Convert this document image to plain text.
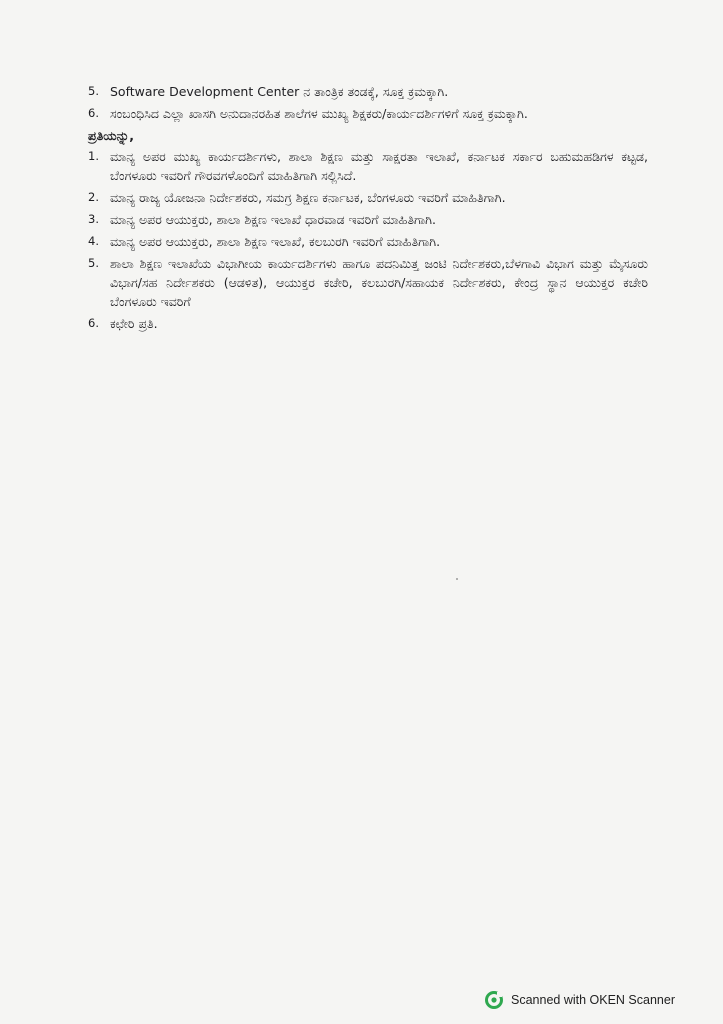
5. Software Development Center ನ ತಾಂತ್ರಿಕ ತಂಡಕ್ಕೆ, ಸೂಕ್ತ ಕ್ರಮಕ್ಕಾಗಿ.
6. ಸಂಬಂಧಿಸಿದ ಎಲ್ಲಾ ಖಾಸಗಿ ಅನುದಾನರಹಿತ ಶಾಲೆಗಳ ಮುಖ್ಯ ಶಿಕ್ಷಕರು/ಕಾರ್ಯದರ್ಶಿಗಳಿಗೆ ಸೂಕ್ತ ಕ್ರಮಕ್ಕಾಗಿ.
ಪ್ರತಿಯನ್ನು,
1. ಮಾನ್ಯ ಅಪರ ಮುಖ್ಯ ಕಾರ್ಯದರ್ಶಿಗಳು, ಶಾಲಾ ಶಿಕ್ಷಣ ಮತ್ತು ಸಾಕ್ಷರತಾ ಇಲಾಖೆ, ಕರ್ನಾಟಕ ಸರ್ಕಾರ ಬಹುಮಹಡಿಗಳ ಕಟ್ಟಡ, ಬೆಂಗಳೂರು ಇವರಿಗೆ ಗೌರವಗಳೊಂದಿಗೆ ಮಾಹಿತಿಗಾಗಿ ಸಲ್ಲಿಸಿದೆ.
2. ಮಾನ್ಯ ರಾಜ್ಯ ಯೋಜನಾ ನಿರ್ದೇಶಕರು, ಸಮಗ್ರ ಶಿಕ್ಷಣ ಕರ್ನಾಟಕ, ಬೆಂಗಳೂರು ಇವರಿಗೆ ಮಾಹಿತಿಗಾಗಿ.
3. ಮಾನ್ಯ ಅಪರ ಆಯುಕ್ತರು, ಶಾಲಾ ಶಿಕ್ಷಣ ಇಲಾಖೆ ಧಾರವಾಡ ಇವರಿಗೆ ಮಾಹಿತಿಗಾಗಿ.
4. ಮಾನ್ಯ ಅಪರ ಆಯುಕ್ತರು, ಶಾಲಾ ಶಿಕ್ಷಣ ಇಲಾಖೆ, ಕಲಬುರಗಿ ಇವರಿಗೆ ಮಾಹಿತಿಗಾಗಿ.
5. ಶಾಲಾ ಶಿಕ್ಷಣ ಇಲಾಖೆಯ ವಿಭಾಗೀಯ ಕಾರ್ಯದರ್ಶಿಗಳು ಹಾಗೂ ಪದನಿಮಿತ್ತ ಜಂಟಿ ನಿರ್ದೇಶಕರು,ಬೆಳಗಾವಿ ವಿಭಾಗ ಮತ್ತು ಮೈಸೂರು ವಿಭಾಗ/ಸಹ ನಿರ್ದೇಶಕರು (ಆಡಳಿತ), ಆಯುಕ್ತರ ಕಚೇರಿ, ಕಲಬುರಗಿ/ಸಹಾಯಕ ನಿರ್ದೇಶಕರು, ಕೇಂದ್ರ ಸ್ಥಾನ ಆಯುಕ್ತರ ಕಚೇರಿ ಬೆಂಗಳೂರು ಇವರಿಗೆ
6. ಕಛೇರಿ ಪ್ರತಿ.
Scanned with OKEN Scanner
